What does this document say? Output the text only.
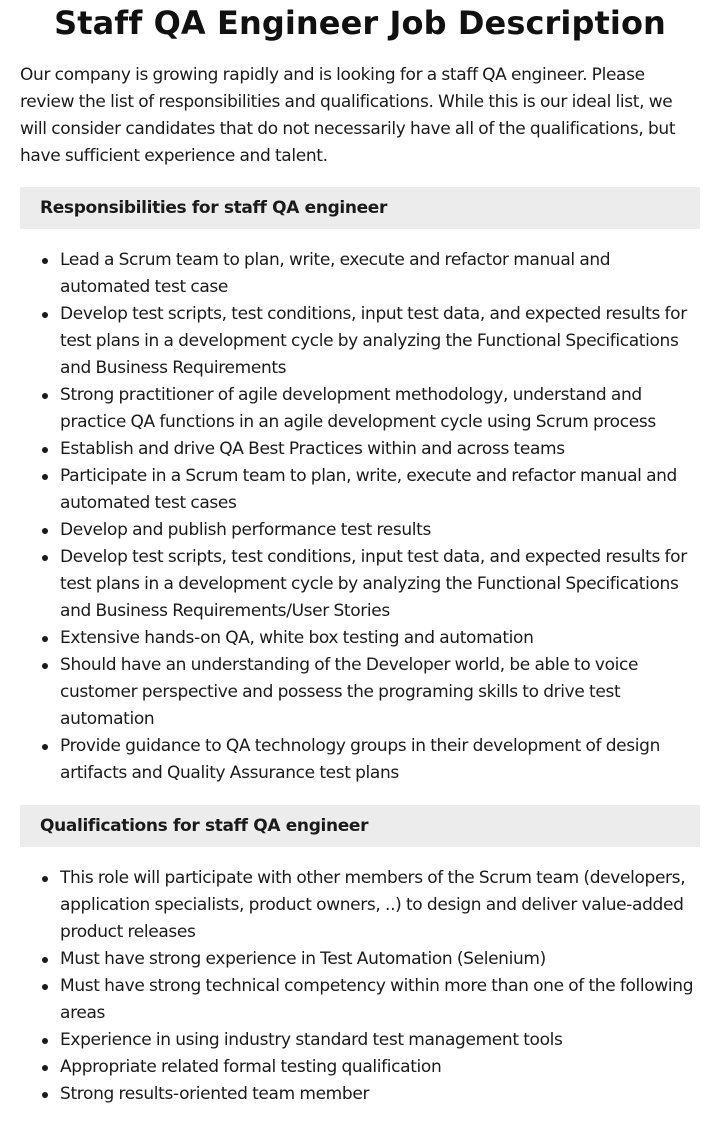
Staff QA Engineer Job Description

Our company is growing rapidly and is looking for a staff QA engineer. Please review the list of responsibilities and qualifications. While this is our ideal list, we will consider candidates that do not necessarily have all of the qualifications, but have sufficient experience and talent.

Responsibilities for staff QA engineer
Lead a Scrum team to plan, write, execute and refactor manual and automated test case
Develop test scripts, test conditions, input test data, and expected results for test plans in a development cycle by analyzing the Functional Specifications and Business Requirements
Strong practitioner of agile development methodology, understand and practice QA functions in an agile development cycle using Scrum process
Establish and drive QA Best Practices within and across teams
Participate in a Scrum team to plan, write, execute and refactor manual and automated test cases
Develop and publish performance test results
Develop test scripts, test conditions, input test data, and expected results for test plans in a development cycle by analyzing the Functional Specifications and Business Requirements/User Stories
Extensive hands-on QA, white box testing and automation
Should have an understanding of the Developer world, be able to voice customer perspective and possess the programing skills to drive test automation
Provide guidance to QA technology groups in their development of design artifacts and Quality Assurance test plans
Qualifications for staff QA engineer
This role will participate with other members of the Scrum team (developers, application specialists, product owners, ..) to design and deliver value-added product releases
Must have strong experience in Test Automation (Selenium)
Must have strong technical competency within more than one of the following areas
Experience in using industry standard test management tools
Appropriate related formal testing qualification
Strong results-oriented team member
